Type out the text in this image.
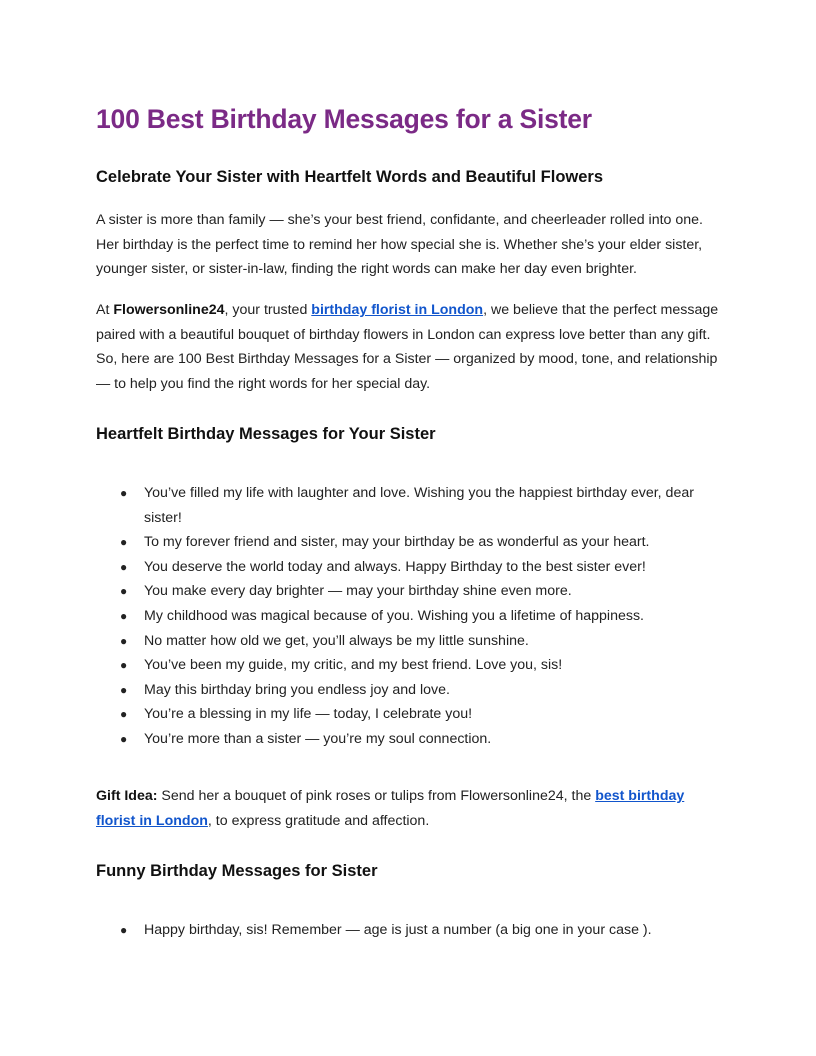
100 Best Birthday Messages for a Sister
Celebrate Your Sister with Heartfelt Words and Beautiful Flowers

A sister is more than family — she’s your best friend, confidante, and cheerleader rolled into one. Her birthday is the perfect time to remind her how special she is. Whether she’s your elder sister, younger sister, or sister-in-law, finding the right words can make her day even brighter.

At Flowersonline24, your trusted birthday florist in London, we believe that the perfect message paired with a beautiful bouquet of birthday flowers in London can express love better than any gift. So, here are 100 Best Birthday Messages for a Sister — organized by mood, tone, and relationship — to help you find the right words for her special day.

Heartfelt Birthday Messages for Your Sister
● You’ve filled my life with laughter and love. Wishing you the happiest birthday ever, dear sister!
● To my forever friend and sister, may your birthday be as wonderful as your heart.
● You deserve the world today and always. Happy Birthday to the best sister ever!
● You make every day brighter — may your birthday shine even more.
● My childhood was magical because of you. Wishing you a lifetime of happiness.
● No matter how old we get, you’ll always be my little sunshine.
● You’ve been my guide, my critic, and my best friend. Love you, sis!
● May this birthday bring you endless joy and love.
● You’re a blessing in my life — today, I celebrate you!
● You’re more than a sister — you’re my soul connection.

Gift Idea: Send her a bouquet of pink roses or tulips from Flowersonline24, the best birthday florist in London, to express gratitude and affection.

Funny Birthday Messages for Sister
● Happy birthday, sis! Remember — age is just a number (a big one in your case ).
